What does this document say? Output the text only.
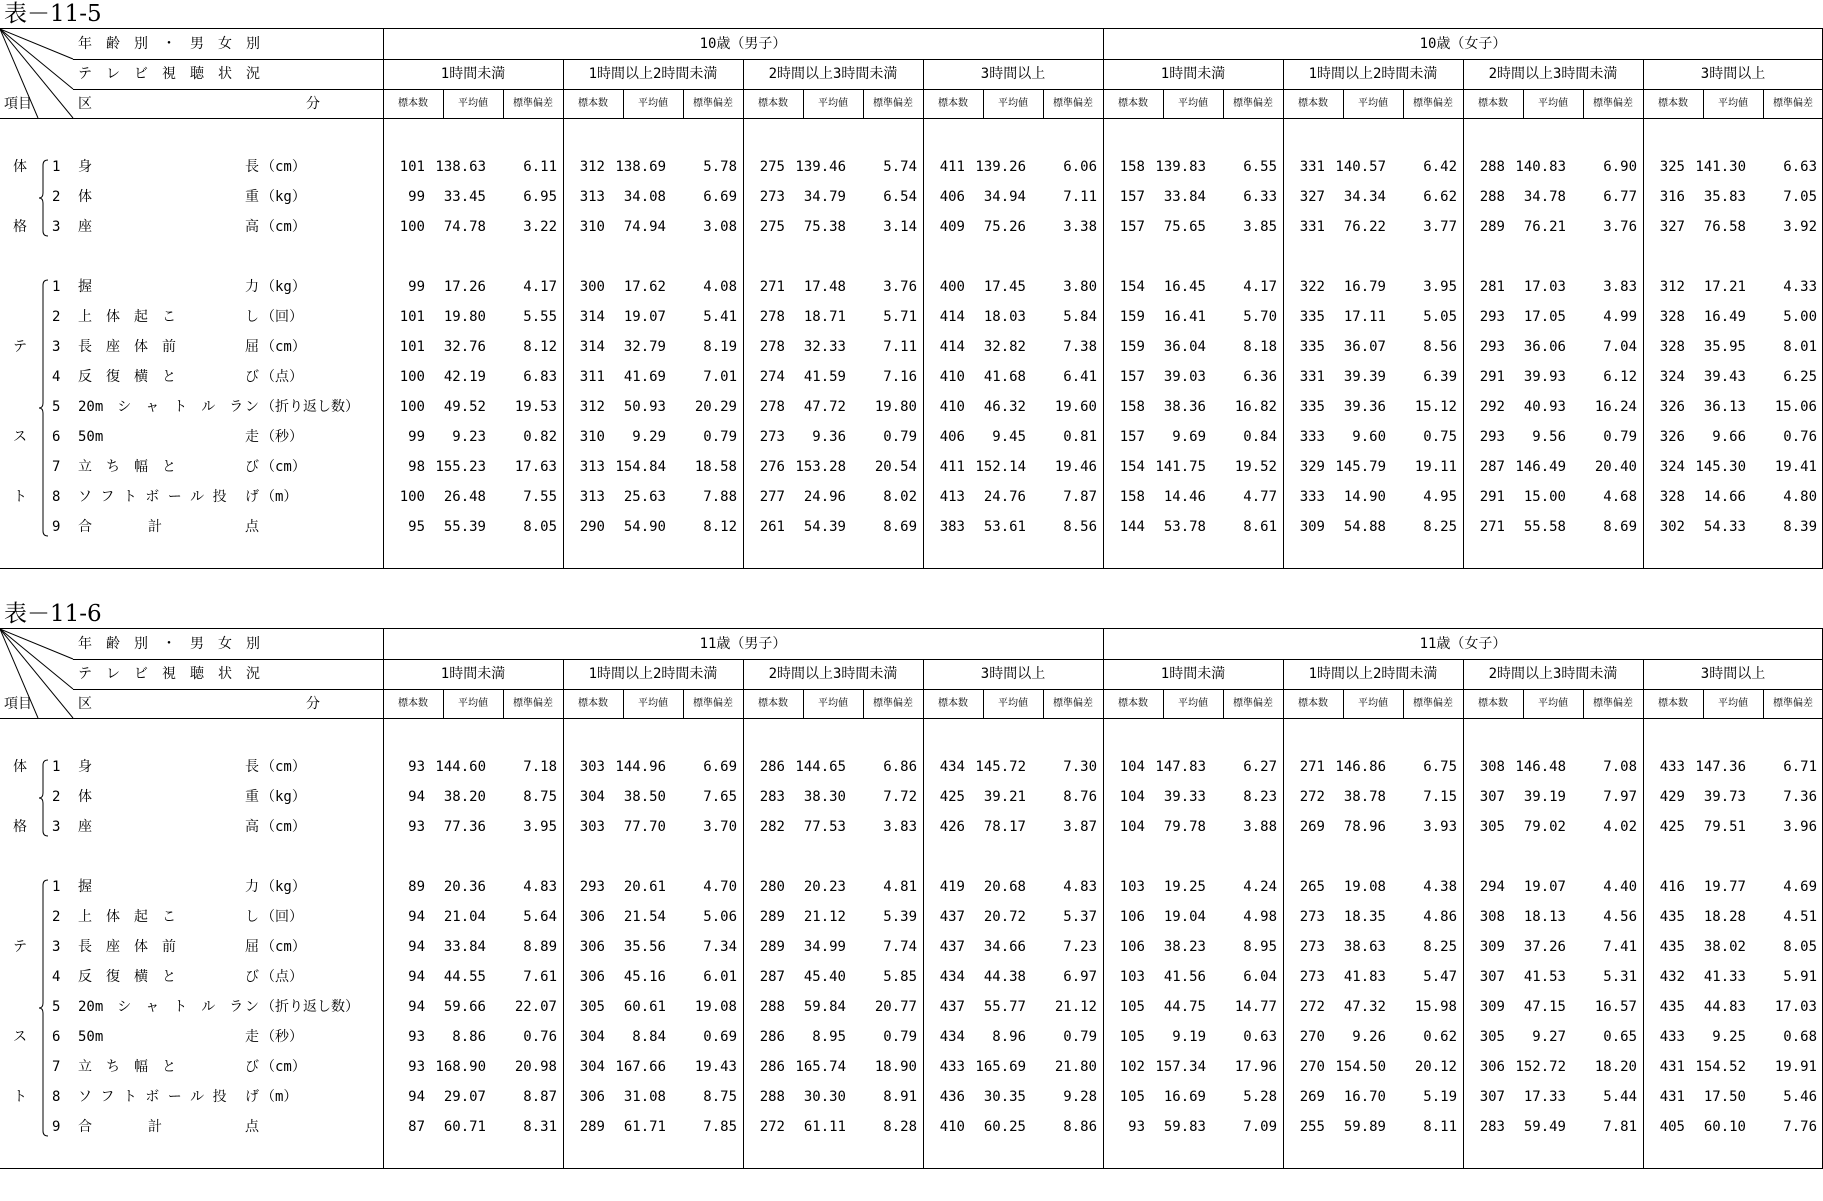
表－11-5
年　齢　別　・　男　女　別
テ　レ　ビ　視　聴　状　況
項目	区	分
10歳（男子）	10歳（女子）
1時間未満	1時間以上2時間未満	2時間以上3時間未満	3時間以上	1時間未満	1時間以上2時間未満	2時間以上3時間未満	3時間以上
標本数	平均値	標準偏差	標本数	平均値	標準偏差	標本数	平均値	標準偏差	標本数	平均値	標準偏差	標本数	平均値	標準偏差	標本数	平均値	標準偏差	標本数	平均値	標準偏差	標本数	平均値	標準偏差
体
格
テ
ス
ト
1 身	長 （cm）	101 138.63	6.11	312 138.69	5.78	275 139.46	5.74	411 139.26	6.06	158 139.83	6.55	331 140.57	6.42	288 140.83	6.90	325 141.30	6.63
2 体	重 （kg）	99	33.45	6.95	313	34.08	6.69	273	34.79	6.54	406	34.94	7.11	157	33.84	6.33	327	34.34	6.62	288	34.78	6.77	316	35.83	7.05
3 座	高 （cm）	100	74.78	3.22	310	74.94	3.08	275	75.38	3.14	409	75.26	3.38	157	75.65	3.85	331	76.22	3.77	289	76.21	3.76	327	76.58	3.92
1 握	力 （kg）	99	17.26	4.17	300	17.62	4.08	271	17.48	3.76	400	17.45	3.80	154	16.45	4.17	322	16.79	3.95	281	17.03	3.83	312	17.21	4.33
2 上　体　起　こ	し （回）	101	19.80	5.55	314	19.07	5.41	278	18.71	5.71	414	18.03	5.84	159	16.41	5.70	335	17.11	5.05	293	17.05	4.99	328	16.49	5.00
3 長　座　体　前	屈 （cm）	101	32.76	8.12	314	32.79	8.19	278	32.33	7.11	414	32.82	7.38	159	36.04	8.18	335	36.07	8.56	293	36.06	7.04	328	35.95	8.01
4 反　復　横　と	び （点）	100	42.19	6.83	311	41.69	7.01	274	41.59	7.16	410	41.68	6.41	157	39.03	6.36	331	39.39	6.39	291	39.93	6.12	324	39.43	6.25
5 20m　シ　ャ　ト　ル　ラ ン （折り返し数）	100	49.52	19.53	312	50.93	20.29	278	47.72	19.80	410	46.32	19.60	158	38.36	16.82	335	39.36	15.12	292	40.93	16.24	326	36.13	15.06
6 50m	走 （秒）	99	9.23	0.82	310	9.29	0.79	273	9.36	0.79	406	9.45	0.81	157	9.69	0.84	333	9.60	0.75	293	9.56	0.79	326	9.66	0.76
7 立　ち　幅　と	び （cm）	98 155.23	17.63	313 154.84	18.58	276 153.28	20.54	411 152.14	19.46	154 141.75	19.52	329 145.79	19.11	287 146.49	20.40	324 145.30	19.41
8 ソ フ ト ボ ー ル 投 げ （m）	100	26.48	7.55	313	25.63	7.88	277	24.96	8.02	413	24.76	7.87	158	14.46	4.77	333	14.90	4.95	291	15.00	4.68	328	14.66	4.80
9 合　　　　計	点	95	55.39	8.05	290	54.90	8.12	261	54.39	8.69	383	53.61	8.56	144	53.78	8.61	309	54.88	8.25	271	55.58	8.69	302	54.33	8.39
表－11-6
年　齢　別　・　男　女　別
テ　レ　ビ　視　聴　状　況
項目	区	分
11歳（男子）	11歳（女子）
1時間未満	1時間以上2時間未満	2時間以上3時間未満	3時間以上	1時間未満	1時間以上2時間未満	2時間以上3時間未満	3時間以上
標本数	平均値	標準偏差	標本数	平均値	標準偏差	標本数	平均値	標準偏差	標本数	平均値	標準偏差	標本数	平均値	標準偏差	標本数	平均値	標準偏差	標本数	平均値	標準偏差	標本数	平均値	標準偏差
体
格
テ
ス
ト
1 身	長 （cm）	93 144.60	7.18	303 144.96	6.69	286 144.65	6.86	434 145.72	7.30	104 147.83	6.27	271 146.86	6.75	308 146.48	7.08	433 147.36	6.71
2 体	重 （kg）	94	38.20	8.75	304	38.50	7.65	283	38.30	7.72	425	39.21	8.76	104	39.33	8.23	272	38.78	7.15	307	39.19	7.97	429	39.73	7.36
3 座	高 （cm）	93	77.36	3.95	303	77.70	3.70	282	77.53	3.83	426	78.17	3.87	104	79.78	3.88	269	78.96	3.93	305	79.02	4.02	425	79.51	3.96
1 握	力 （kg）	89	20.36	4.83	293	20.61	4.70	280	20.23	4.81	419	20.68	4.83	103	19.25	4.24	265	19.08	4.38	294	19.07	4.40	416	19.77	4.69
2 上　体　起　こ	し （回）	94	21.04	5.64	306	21.54	5.06	289	21.12	5.39	437	20.72	5.37	106	19.04	4.98	273	18.35	4.86	308	18.13	4.56	435	18.28	4.51
3 長　座　体　前	屈 （cm）	94	33.84	8.89	306	35.56	7.34	289	34.99	7.74	437	34.66	7.23	106	38.23	8.95	273	38.63	8.25	309	37.26	7.41	435	38.02	8.05
4 反　復　横　と	び （点）	94	44.55	7.61	306	45.16	6.01	287	45.40	5.85	434	44.38	6.97	103	41.56	6.04	273	41.83	5.47	307	41.53	5.31	432	41.33	5.91
5 20m　シ　ャ　ト　ル　ラ ン （折り返し数）	94	59.66	22.07	305	60.61	19.08	288	59.84	20.77	437	55.77	21.12	105	44.75	14.77	272	47.32	15.98	309	47.15	16.57	435	44.83	17.03
6 50m	走 （秒）	93	8.86	0.76	304	8.84	0.69	286	8.95	0.79	434	8.96	0.79	105	9.19	0.63	270	9.26	0.62	305	9.27	0.65	433	9.25	0.68
7 立　ち　幅　と	び （cm）	93 168.90	20.98	304 167.66	19.43	286 165.74	18.90	433 165.69	21.80	102 157.34	17.96	270 154.50	20.12	306 152.72	18.20	431 154.52	19.91
8 ソ フ ト ボ ー ル 投 げ （m）	94	29.07	8.87	306	31.08	8.75	288	30.30	8.91	436	30.35	9.28	105	16.69	5.28	269	16.70	5.19	307	17.33	5.44	431	17.50	5.46
9 合　　　　計	点	87	60.71	8.31	289	61.71	7.85	272	61.11	8.28	410	60.25	8.86	93	59.83	7.09	255	59.89	8.11	283	59.49	7.81	405	60.10	7.76
